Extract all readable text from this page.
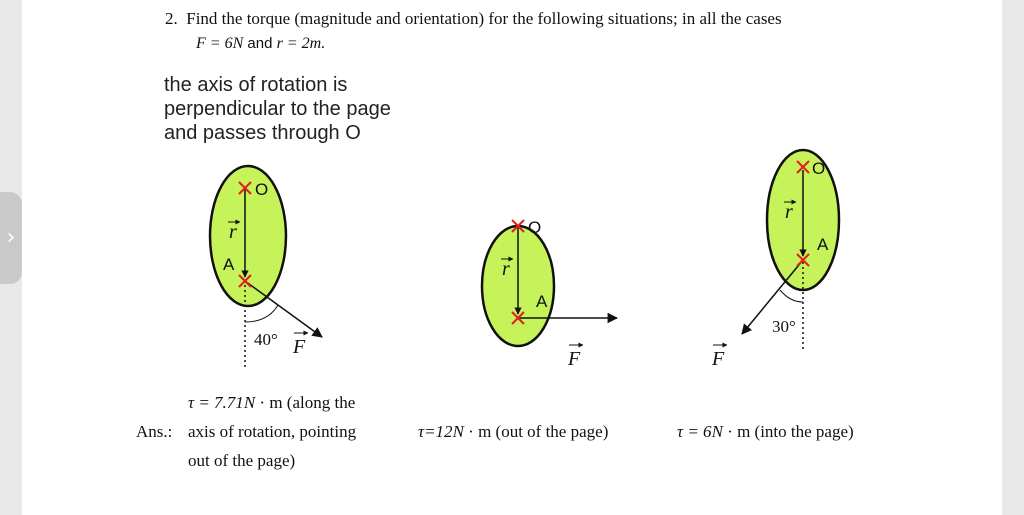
›
2. Find the torque (magnitude and orientation) for the following situations; in all the cases
F = 6N and r = 2m.
the axis of rotation is
perpendicular to the page
and passes through O
O
A
r
40° F
O
A
r
F
O
A
r
30°
F
Ans.:
τ = 7.71N · m (along the
axis of rotation, pointing
out of the page)
τ=12N · m (out of the page)	τ = 6N · m (into the page)
